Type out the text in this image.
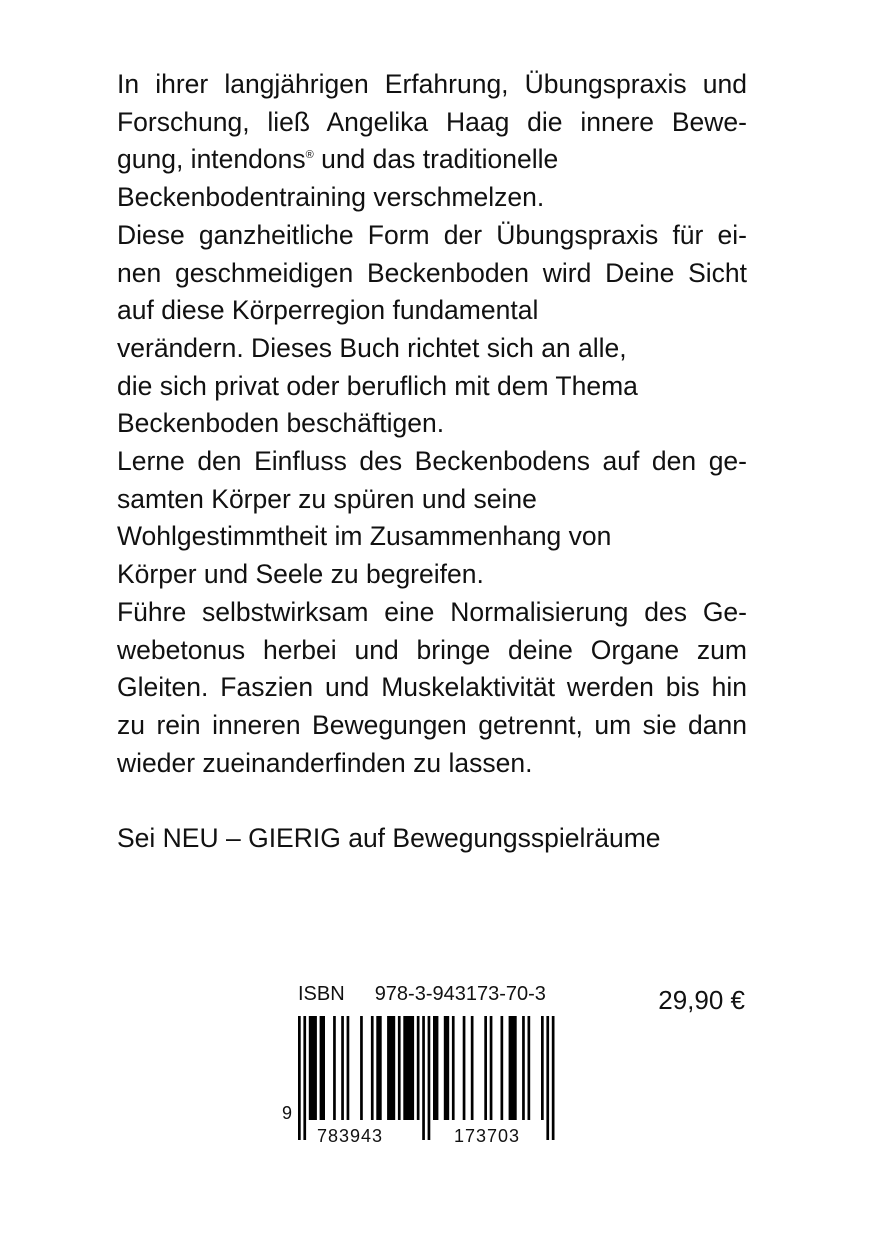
In ihrer langjährigen Erfahrung, Übungspraxis und
Forschung, ließ Angelika Haag die innere Bewe-
gung, intendons® und das traditionelle
Beckenbodentraining verschmelzen.
Diese ganzheitliche Form der Übungspraxis für ei-
nen geschmeidigen Beckenboden wird Deine Sicht
auf diese Körperregion fundamental
verändern. Dieses Buch richtet sich an alle,
die sich privat oder beruflich mit dem Thema
Beckenboden beschäftigen.
Lerne den Einfluss des Beckenbodens auf den ge-
samten Körper zu spüren und seine
Wohlgestimmtheit im Zusammenhang von
Körper und Seele zu begreifen.
Führe selbstwirksam eine Normalisierung des Ge-
webetonus herbei und bringe deine Organe zum
Gleiten. Faszien und Muskelaktivität werden bis hin
zu rein inneren Bewegungen getrennt, um sie dann
wieder zueinanderfinden zu lassen.
Sei NEU – GIERIG auf Bewegungsspielräume
ISBN 978-3-943173-70-3	29,90 €
9
783943	173703
